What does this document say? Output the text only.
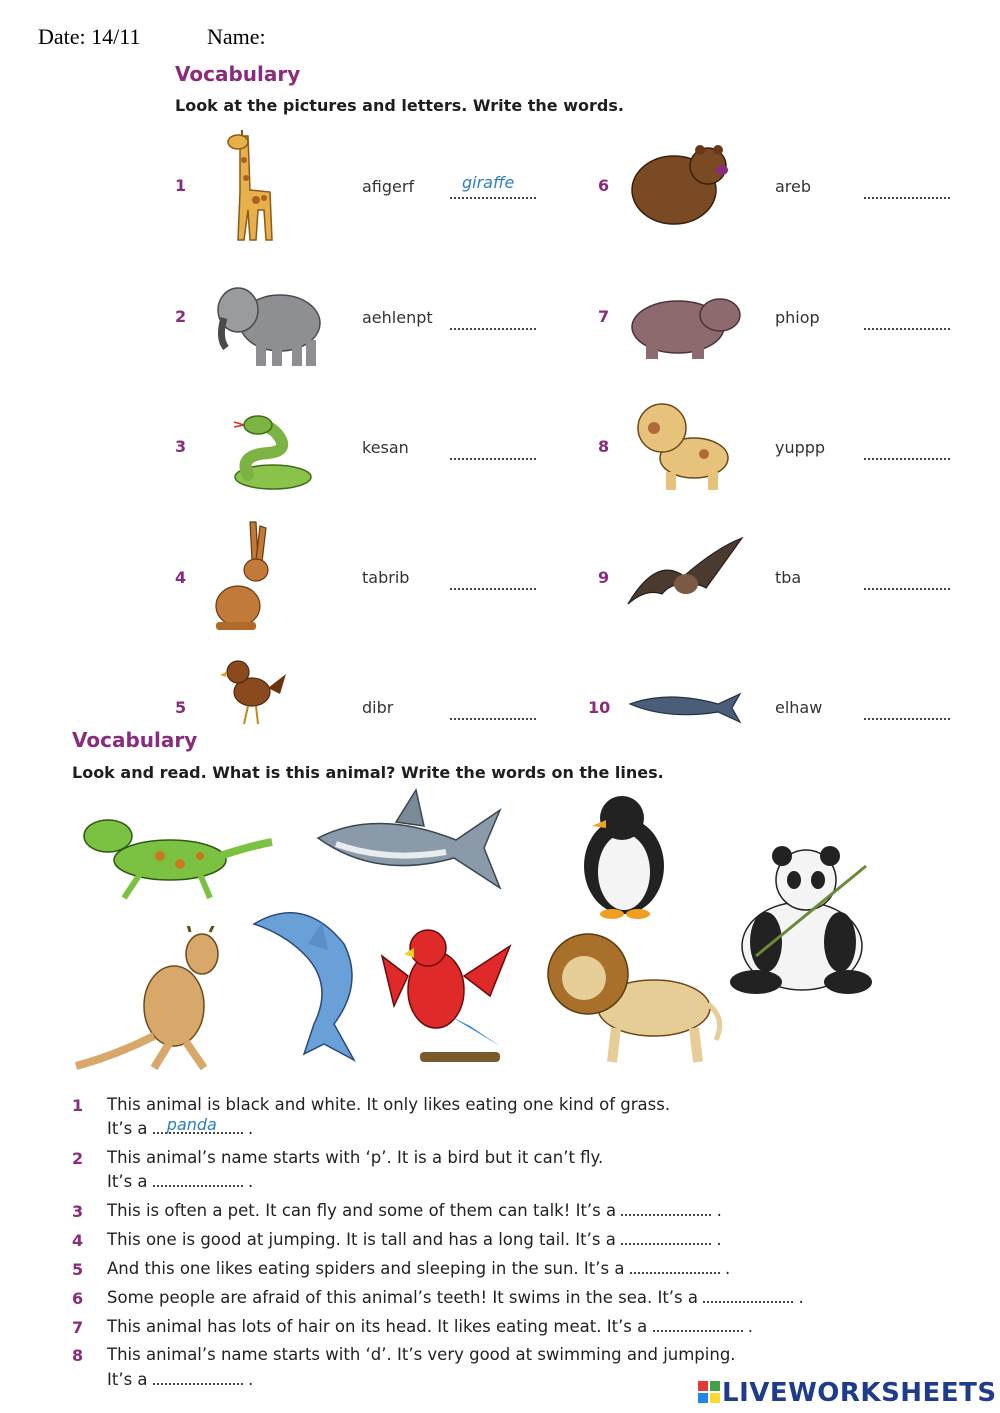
Date: 14/11	Name:
Vocabulary
Look at the pictures and letters. Write the words.
1	afigerf	giraffe
2	aehlenpt
3	kesan
4	tabrib
5	dibr
6	areb
7	phiop
8	yuppp
9	tba
10	elhaw
Vocabulary
Look and read. What is this animal? Write the words on the lines.
1 This animal is black and white. It only likes eating one kind of grass.
It’s a panda .
2 This animal’s name starts with ‘p’. It is a bird but it can’t fly.
It’s a	.
3 This is often a pet. It can fly and some of them can talk! It’s a	.
4 This one is good at jumping. It is tall and has a long tail. It’s a	.
5 And this one likes eating spiders and sleeping in the sun. It’s a	.
6 Some people are afraid of this animal’s teeth! It swims in the sea. It’s a	.
7 This animal has lots of hair on its head. It likes eating meat. It’s a	.
8 This animal’s name starts with ‘d’. It’s very good at swimming and jumping.
It’s a	.	LIVEWORKSHEETS
